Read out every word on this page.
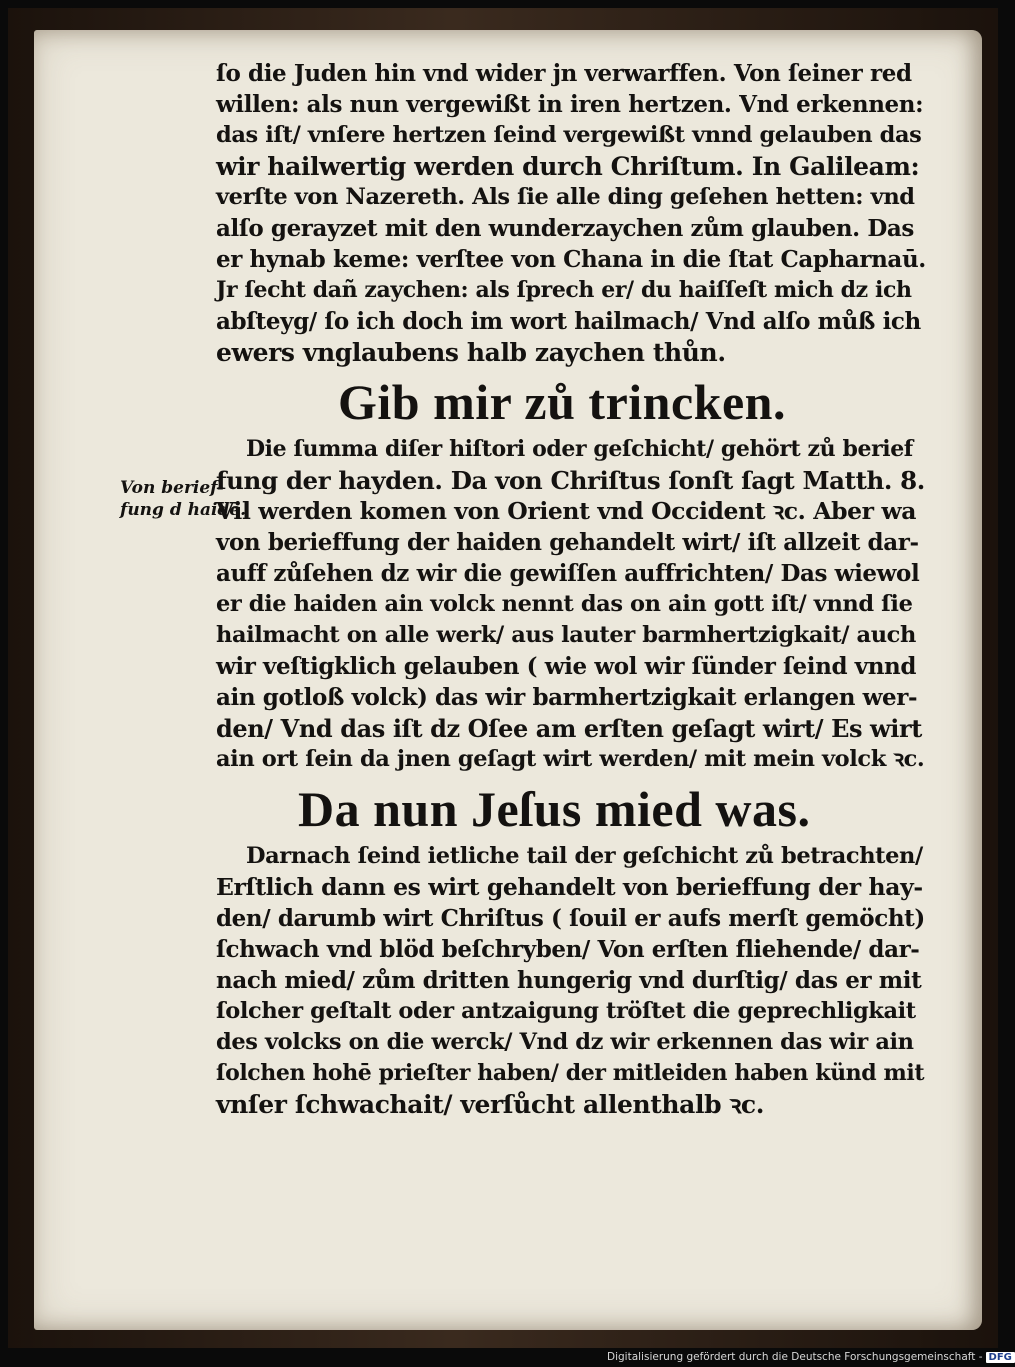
Von berief-
fung d haidē.
ſo die Juden hin vnd wider jn verwarffen. Von ſeiner red
willen: als nun vergewißt in iren hertzen. Vnd erkennen:
das iſt/ vnſere hertzen ſeind vergewißt vnnd gelauben das
wir hailwertig werden durch Chriſtum. In Galileam:
verſte von Nazereth. Als ſie alle ding geſehen hetten: vnd
alſo gerayzet mit den wunderzaychen zům glauben. Das
er hynab keme: verſtee von Chana in die ſtat Capharnaū.
Jr ſecht dañ zaychen: als ſprech er/ du haiſſeſt mich dz ich
abſteyg/ ſo ich doch im wort hailmach/ Vnd alſo můß ich
ewers vnglaubens halb zaychen thůn.
Gib mir zů trincken.
Die ſumma diſer hiſtori oder geſchicht/ gehört zů berief
fung der hayden. Da von Chriſtus ſonſt ſagt Matth. 8.
Vil werden komen von Orient vnd Occident ꝛc. Aber wa
von berieffung der haiden gehandelt wirt/ iſt allzeit dar-
auff zůſehen dz wir die gewiſſen auffrichten/ Das wiewol
er die haiden ain volck nennt das on ain gott iſt/ vnnd ſie
hailmacht on alle werk/ aus lauter barmhertzigkait/ auch
wir veſtigklich gelauben ( wie wol wir ſünder ſeind vnnd
ain gotloß volck) das wir barmhertzigkait erlangen wer-
den/ Vnd das iſt dz Oſee am erſten geſagt wirt/ Es wirt
ain ort ſein da jnen geſagt wirt werden/ mit mein volck ꝛc.
Da nun Jeſus mied was.
Darnach ſeind ietliche tail der geſchicht zů betrachten/
Erſtlich dann es wirt gehandelt von berieffung der hay-
den/ darumb wirt Chriſtus ( ſouil er aufs merſt gemöcht)
ſchwach vnd blöd beſchryben/ Von erſten fliehende/ dar-
nach mied/ zům dritten hungerig vnd durſtig/ das er mit
ſolcher geſtalt oder antzaigung tröſtet die geprechligkait
des volcks on die werck/ Vnd dz wir erkennen das wir ain
ſolchen hohē prieſter haben/ der mitleiden haben künd mit
vnſer ſchwachait/ verſůcht allenthalb ꝛc.
Digitalisierung gefördert durch die Deutsche Forschungsgemeinschaft - DFG
